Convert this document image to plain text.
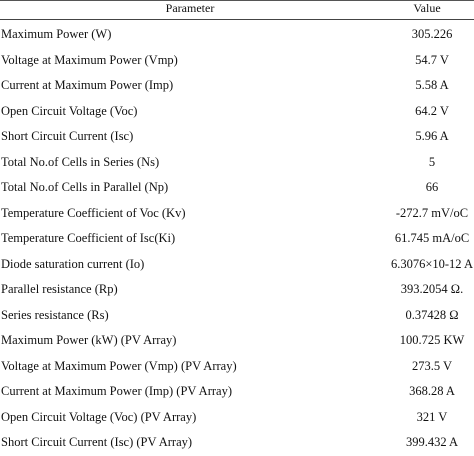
Parameter	Value
Maximum Power (W)	305.226
Voltage at Maximum Power (Vmp)	54.7 V
Current at Maximum Power (Imp)	5.58 A
Open Circuit Voltage (Voc)	64.2 V
Short Circuit Current (Isc)	5.96 A
Total No.of Cells in Series (Ns)	5
Total No.of Cells in Parallel (Np)	66
Temperature Coefficient of Voc (Kv)	-272.7 mV/oC
Temperature Coefficient of Isc(Ki)	61.745 mA/oC
Diode saturation current (Io)	6.3076×10-12 A
Parallel resistance (Rp)	393.2054 Ω.
Series resistance (Rs)	0.37428 Ω
Maximum Power (kW) (PV Array)	100.725 KW
Voltage at Maximum Power (Vmp) (PV Array)	273.5 V
Current at Maximum Power (Imp) (PV Array)	368.28 A
Open Circuit Voltage (Voc) (PV Array)	321 V
Short Circuit Current (Isc) (PV Array)	399.432 A
